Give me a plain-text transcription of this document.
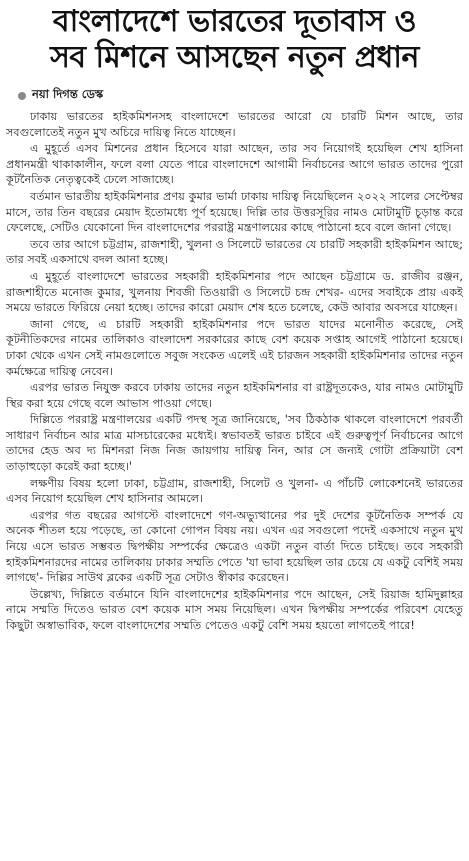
বাংলাদেশে ভারতের দূতাবাস ও
সব মিশনে আসছেন নতুন প্রধান
নয়া দিগন্ত ডেস্ক

ঢাকায় ভারতের হাইকমিশনসহ বাংলাদেশে ভারতের আরো যে চারটি মিশন আছে, তার সবগুলোতেই নতুন মুখ অচিরে দায়িত্ব নিতে যাচ্ছেন।

এ মুহূর্তে এসব মিশনের প্রধান হিসেবে যারা আছেন, তার সব নিয়োগই হয়েছিল শেখ হাসিনা প্রধানমন্ত্রী থাকাকালীন, ফলে বলা যেতে পারে বাংলাদেশে আগামী নির্বাচনের আগে ভারত তাদের পুরো কূটনৈতিক নেতৃত্বকেই ঢেলে সাজাচ্ছে।

বর্তমান ভারতীয় হাইকমিশনার প্রণয় কুমার ভার্মা ঢাকায় দায়িত্ব নিয়েছিলেন ২০২২ সালের সেপ্টেম্বর মাসে, তার তিন বছরের মেয়াদ ইতোমধ্যে পূর্ণ হয়েছে। দিল্লি তার উত্তরসূরির নামও মোটামুটি চূড়ান্ত করে ফেলেছে, সেটিও যেকোনো দিন বাংলাদেশের পররাষ্ট্র মন্ত্রণালয়ের কাছে পাঠানো হবে বলে জানা গেছে।

তবে তার আগে চট্টগ্রাম, রাজশাহী, খুলনা ও সিলেটে ভারতের যে চারটি সহকারী হাইকমিশন আছে; তার সবই একসাথে বদল আনা হচ্ছে।

এ মুহূর্তে বাংলাদেশে ভারতের সহকারী হাইকমিশনার পদে আছেন চট্টগ্রামে ড. রাজীব রঞ্জন, রাজশাহীতে মনোজ কুমার, খুলনায় শিবজী তিওয়ারী ও সিলেটে চন্দ্র শেখর- এদের সবাইকে প্রায় একই সময়ে ভারতে ফিরিয়ে নেয়া হচ্ছে। তাদের কারো মেয়াদ শেষ হতে চলেছে, কেউ আবার অবসরে যাচ্ছেন।

জানা গেছে, এ চারটি সহকারী হাইকমিশনার পদে ভারত যাদের মনোনীত করেছে, সেই কূটনীতিকদের নামের তালিকাও বাংলাদেশ সরকারের কাছে বেশ কয়েক সপ্তাহ আগেই পাঠানো হয়েছে। ঢাকা থেকে এখন সেই নামগুলোতে সবুজ সংকেত এলেই এই চারজন সহকারী হাইকমিশনার তাদের নতুন কর্মক্ষেত্রে দায়িত্ব নেবেন।

এরপর ভারত নিযুক্ত করবে ঢাকায় তাদের নতুন হাইকমিশনার বা রাষ্ট্রদূতকেও, যার নামও মোটামুটি স্থির করা হয়ে গেছে বলে আভাস পাওয়া গেছে।

দিল্লিতে পররাষ্ট্র মন্ত্রণালয়ের একটি পদস্থ সূত্র জানিয়েছে, 'সব ঠিকঠাক থাকলে বাংলাদেশে পরবর্তী সাধারণ নির্বাচন আর মাত্র মাসচারেকের মধ্যেই। স্বভাবতই ভারত চাইবে এই গুরুত্বপূর্ণ নির্বাচনের আগে তাদের হেড অব দ্য মিশনরা নিজ নিজ জায়গায় দায়িত্ব নিন, আর সে জন্যই গোটা প্রক্রিয়াটা বেশ তাড়াহুড়ো করেই করা হচ্ছে।'

লক্ষণীয় বিষয় হলো ঢাকা, চট্টগ্রাম, রাজশাহী, সিলেট ও খুলনা- এ পাঁচটি লোকেশনেই ভারতের এসব নিয়োগ হয়েছিল শেখ হাসিনার আমলে।

এরপর গত বছরের আগস্টে বাংলাদেশে গণ-অভ্যুত্থানের পর দুই দেশের কূটনৈতিক সম্পর্ক যে অনেক শীতল হয়ে পড়েছে, তা কোনো গোপন বিষয় নয়। এখন এর সবগুলো পদেই একসাথে নতুন মুখ নিয়ে এসে ভারত সম্ভবত দ্বিপক্ষীয় সম্পর্কের ক্ষেত্রেও একটা নতুন বার্তা দিতে চাইছে। তবে সহকারী হাইকমিশনারদের নামের তালিকায় ঢাকার সম্মতি পেতে 'যা ভাবা হয়েছিল তার চেয়ে যে একটু বেশিই সময় লাগছে'- দিল্লির সাউথ ব্লকের একটি সূত্র সেটাও স্বীকার করেছেন।

উল্লেখ্য, দিল্লিতে বর্তমানে যিনি বাংলাদেশের হাইকমিশনার পদে আছেন, সেই রিয়াজ হামিদুল্লাহর নামে সম্মতি দিতেও ভারত বেশ কয়েক মাস সময় নিয়েছিল। এখন দ্বিপক্ষীয় সম্পর্কের পরিবেশ যেহেতু কিছুটা অস্বাভাবিক, ফলে বাংলাদেশের সম্মতি পেতেও একটু বেশি সময় হয়তো লাগতেই পারে!
